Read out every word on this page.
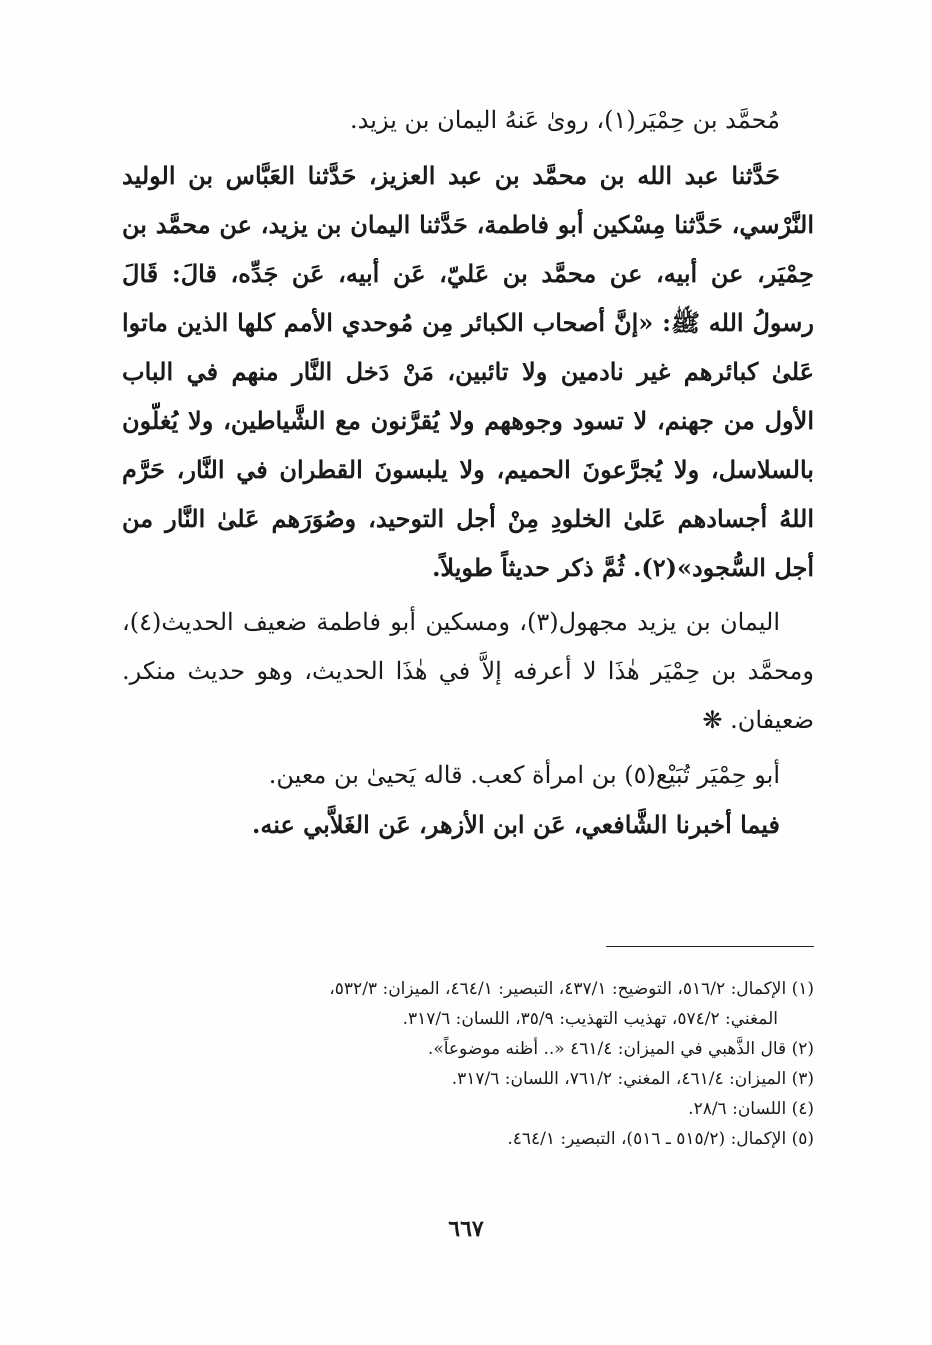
مُحمَّد بن حِمْيَر(١)، روىٰ عَنهُ اليمان بن يزيد.

حَدَّثنا عبد الله بن محمَّد بن عبد العزيز، حَدَّثنا العَبَّاس بن الوليد النَّرْسي، حَدَّثنا مِسْكين أبو فاطمة، حَدَّثنا اليمان بن يزيد، عن محمَّد بن حِمْيَر، عن أبيه، عن محمَّد بن عَليّ، عَن أبيه، عَن جَدِّه، قالَ: قَالَ رسولُ الله ﷺ: «إنَّ أصحاب الكبائر مِن مُوحدي الأمم كلها الذين ماتوا عَلىٰ كبائرهم غير نادمين ولا تائبين، مَنْ دَخل النَّار منهم في الباب الأول من جهنم، لا تسود وجوههم ولا يُقرَّنون مع الشَّياطين، ولا يُغلّون بالسلاسل، ولا يُجرَّعونَ الحميم، ولا يلبسونَ القطران في النَّار، حَرَّم اللهُ أجسادهم عَلىٰ الخلودِ مِنْ أجل التوحيد، وصُوَرَهم عَلىٰ النَّار من أجل السُّجود»(٢). ثُمَّ ذكر حديثاً طويلاً.

اليمان بن يزيد مجهول(٣)، ومسكين أبو فاطمة ضعيف الحديث(٤)، ومحمَّد بن حِمْيَر هٰذَا لا أعرفه إلاَّ في هٰذَا الحديث، وهو حديث منكر. ضعيفان. ❋

أبو حِمْيَر تُبَيْع(٥) بن امرأة كعب. قاله يَحيىٰ بن معين.

فيما أخبرنا الشَّافعي، عَن ابن الأزهر، عَن الغَلاَّبي عنه.

(١) الإكمال: ٥١٦/٢، التوضيح: ٤٣٧/١، التبصير: ٤٦٤/١، الميزان: ٥٣٢/٣،

المغني: ٥٧٤/٢، تهذيب التهذيب: ٣٥/٩، اللسان: ٣١٧/٦.

(٢) قال الذَّهبي في الميزان: ٤٦١/٤ «.. أظنه موضوعاً».

(٣) الميزان: ٤٦١/٤، المغني: ٧٦١/٢، اللسان: ٣١٧/٦.

(٤) اللسان: ٢٨/٦.

(٥) الإكمال: (٥١٥/٢ ـ ٥١٦)، التبصير: ٤٦٤/١.

٦٦٧
